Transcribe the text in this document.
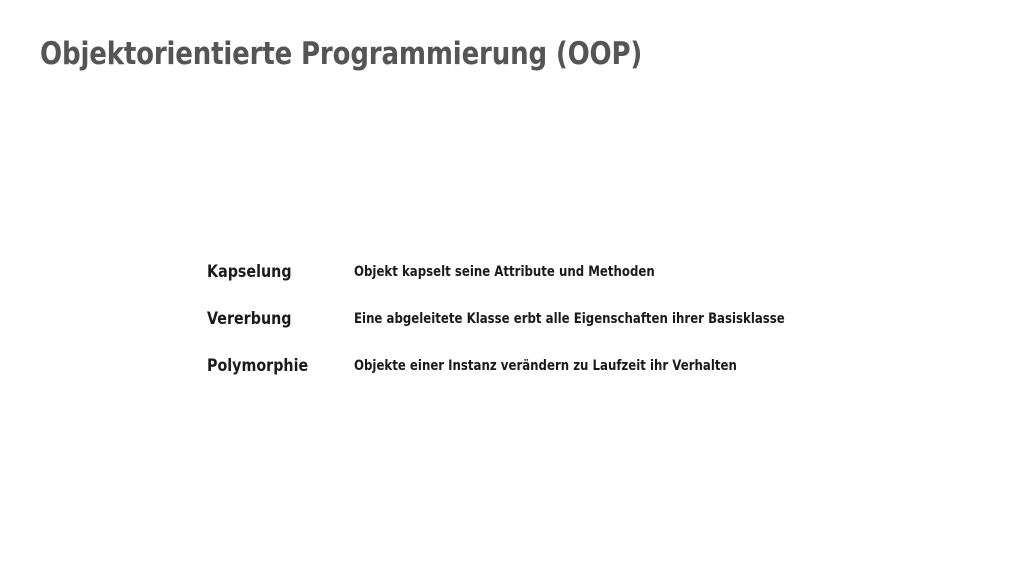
Objektorientierte Programmierung (OOP)
Kapselung	Objekt kapselt seine Attribute und Methoden
Vererbung	Eine abgeleitete Klasse erbt alle Eigenschaften ihrer Basisklasse
Polymorphie	Objekte einer Instanz verändern zu Laufzeit ihr Verhalten
